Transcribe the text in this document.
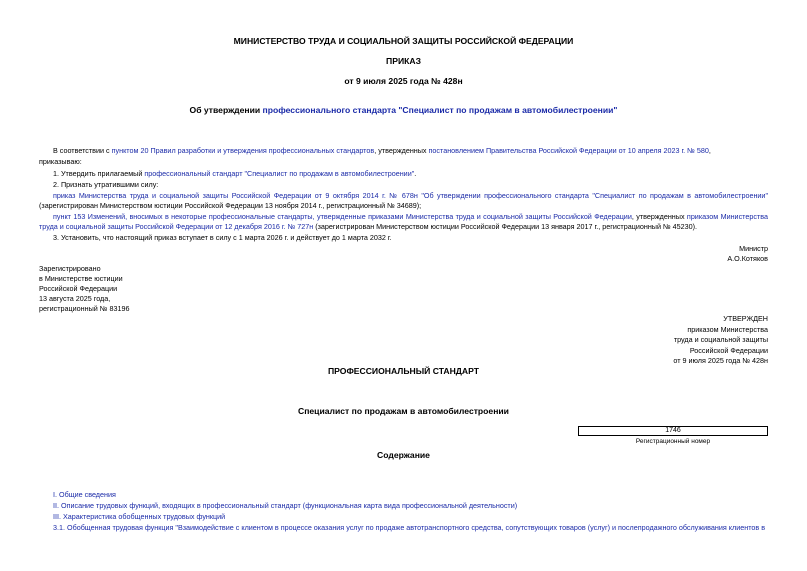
МИНИСТЕРСТВО ТРУДА И СОЦИАЛЬНОЙ ЗАЩИТЫ РОССИЙСКОЙ ФЕДЕРАЦИИ
ПРИКАЗ
от 9 июля 2025 года № 428н
Об утверждении профессионального стандарта "Специалист по продажам в автомобилестроении"
В соответствии с пунктом 20 Правил разработки и утверждения профессиональных стандартов, утвержденных постановлением Правительства Российской Федерации от 10 апреля 2023 г. № 580,
приказываю:
1. Утвердить прилагаемый профессиональный стандарт "Специалист по продажам в автомобилестроении".
2. Признать утратившими силу:
приказ Министерства труда и социальной защиты Российской Федерации от 9 октября 2014 г. № 678н "Об утверждении профессионального стандарта "Специалист по продажам в автомобилестроении"
(зарегистрирован Министерством юстиции Российской Федерации 13 ноября 2014 г., регистрационный № 34689);
пункт 153 Изменений, вносимых в некоторые профессиональные стандарты, утвержденные приказами Министерства труда и социальной защиты Российской Федерации, утвержденных приказом Министерства
труда и социальной защиты Российской Федерации от 12 декабря 2016 г. № 727н (зарегистрирован Министерством юстиции Российской Федерации 13 января 2017 г., регистрационный № 45230).
3. Установить, что настоящий приказ вступает в силу с 1 марта 2026 г. и действует до 1 марта 2032 г.
Министр
А.О.Котяков
Зарегистрировано
в Министерстве юстиции
Российской Федерации
13 августа 2025 года,
регистрационный № 83196
УТВЕРЖДЕН
приказом Министерства
труда и социальной защиты
Российской Федерации
от 9 июля 2025 года № 428н
ПРОФЕССИОНАЛЬНЫЙ СТАНДАРТ
Специалист по продажам в автомобилестроении
1746
Регистрационный номер
Содержание
I. Общие сведения
II. Описание трудовых функций, входящих в профессиональный стандарт (функциональная карта вида профессиональной деятельности)
III. Характеристика обобщенных трудовых функций
3.1. Обобщенная трудовая функция "Взаимодействие с клиентом в процессе оказания услуг по продаже автотранспортного средства, сопутствующих товаров (услуг) и послепродажного обслуживания клиентов в
